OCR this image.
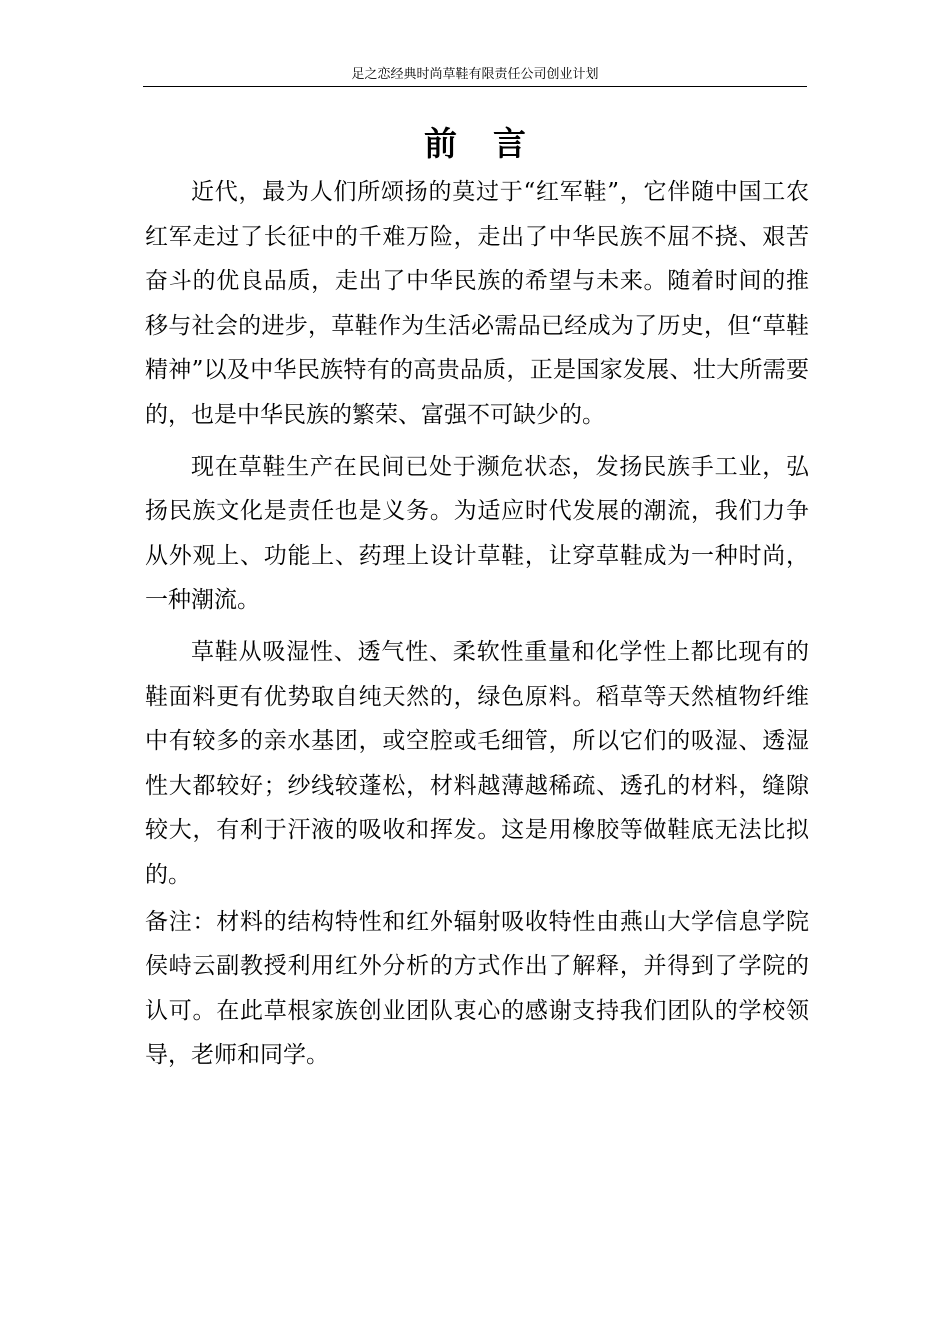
足之恋经典时尚草鞋有限责任公司创业计划
前言

近代，最为人们所颂扬的莫过于“红军鞋”，它伴随中国工农红军走过了长征中的千难万险，走出了中华民族不屈不挠、艰苦奋斗的优良品质，走出了中华民族的希望与未来。随着时间的推移与社会的进步，草鞋作为生活必需品已经成为了历史，但“草鞋精神”以及中华民族特有的高贵品质，正是国家发展、壮大所需要的，也是中华民族的繁荣、富强不可缺少的。

现在草鞋生产在民间已处于濒危状态，发扬民族手工业，弘扬民族文化是责任也是义务。为适应时代发展的潮流，我们力争从外观上、功能上、药理上设计草鞋，让穿草鞋成为一种时尚，一种潮流。

草鞋从吸湿性、透气性、柔软性重量和化学性上都比现有的鞋面料更有优势取自纯天然的，绿色原料。稻草等天然植物纤维中有较多的亲水基团，或空腔或毛细管，所以它们的吸湿、透湿性大都较好；纱线较蓬松，材料越薄越稀疏、透孔的材料，缝隙较大，有利于汗液的吸收和挥发。这是用橡胶等做鞋底无法比拟的。

备注：材料的结构特性和红外辐射吸收特性由燕山大学信息学院侯峙云副教授利用红外分析的方式作出了解释，并得到了学院的认可。在此草根家族创业团队衷心的感谢支持我们团队的学校领导，老师和同学。
